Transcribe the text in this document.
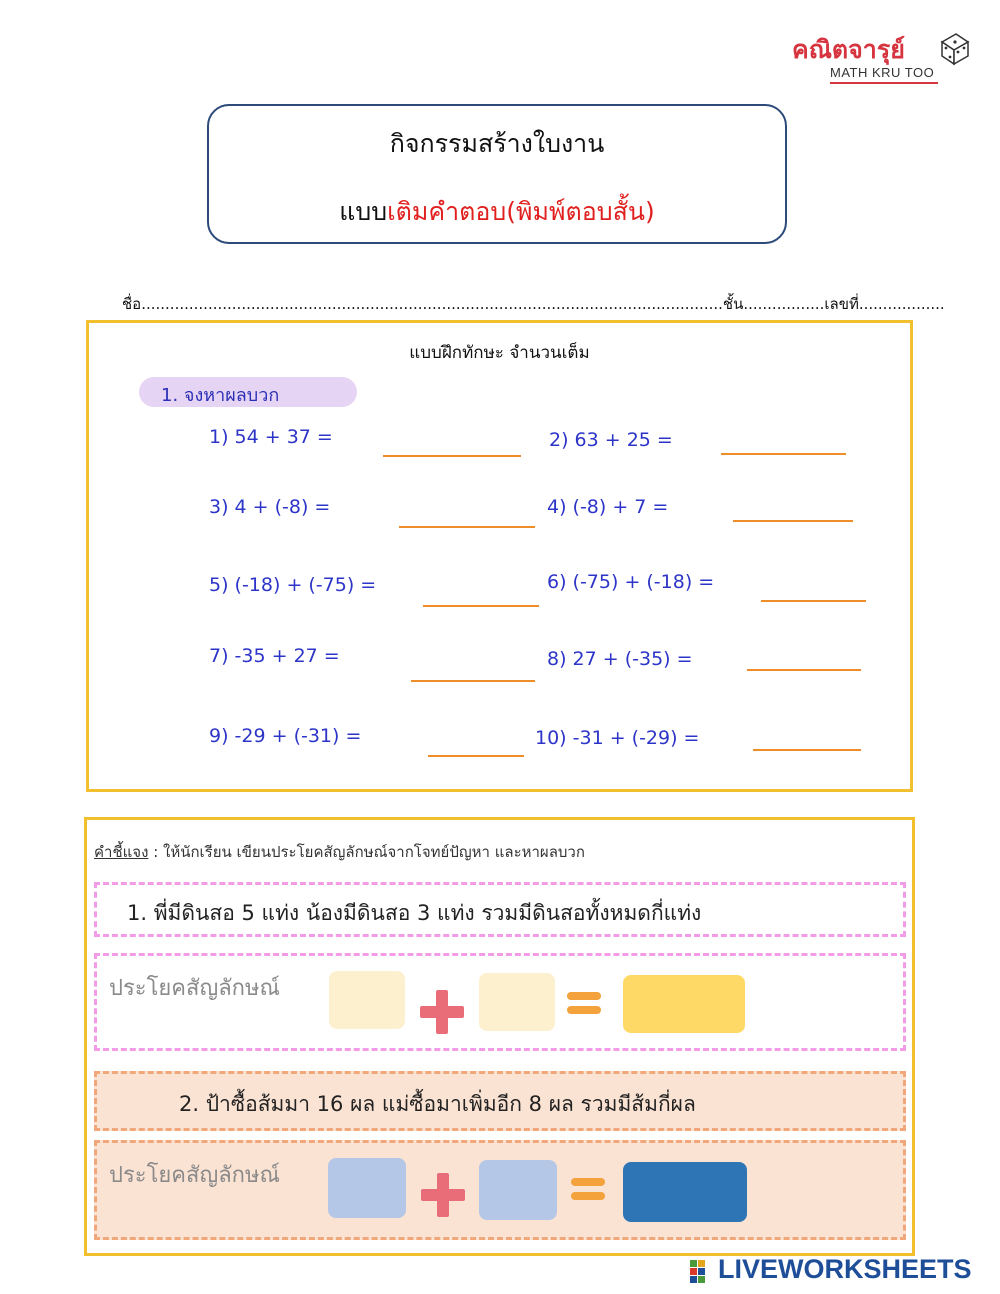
คณิตจารุย์
MATH KRU TOO
กิจกรรมสร้างใบงาน
แบบเติมคำตอบ(พิมพ์ตอบสั้น)
ชื่อ..........................................................................................................................ชั้น.................เลขที่..................
แบบฝึกทักษะ จำนวนเต็ม
1. จงหาผลบวก
1) 54 + 37 =	2) 63 + 25 =
3) 4 + (-8) =	4) (-8) + 7 =
5) (-18) + (-75) =	6) (-75) + (-18) =
7) -35 + 27 =	8) 27 + (-35) =
9) -29 + (-31) =	10) -31 + (-29) =
คำชี้แจง : ให้นักเรียน เขียนประโยคสัญลักษณ์จากโจทย์ปัญหา และหาผลบวก
1. พี่มีดินสอ 5 แท่ง น้องมีดินสอ 3 แท่ง รวมมีดินสอทั้งหมดกี่แท่ง
ประโยคสัญลักษณ์
2. ป้าซื้อส้มมา 16 ผล แม่ซื้อมาเพิ่มอีก 8 ผล รวมมีส้มกี่ผล
ประโยคสัญลักษณ์
LIVEWORKSHEETS
